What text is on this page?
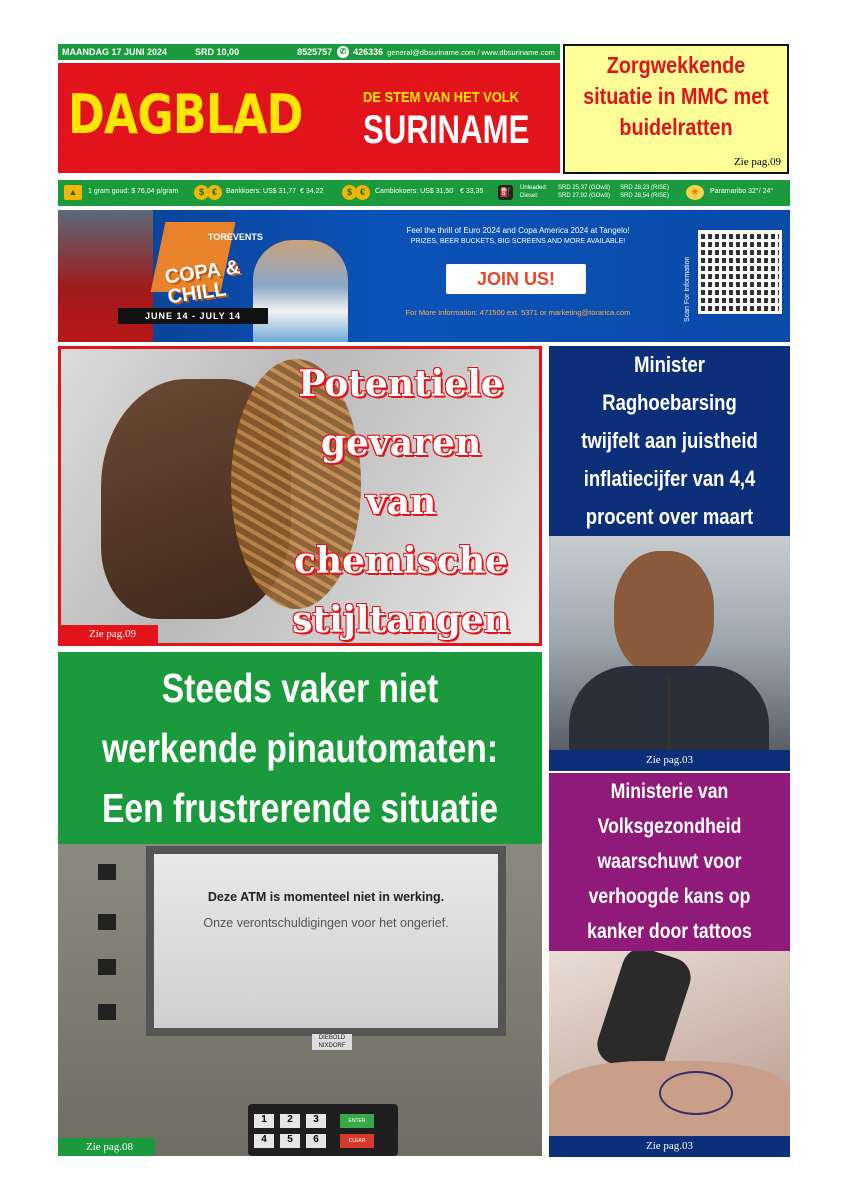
MAANDAG 17 JUNI 2024	SRD 10,00	8525757 ✆ 426336 general@dbsuriname.com / www.dbsuriname.com
DAGBLAD	DE STEM VAN HET VOLK
SURINAME
Zorgwekkende situatie in MMC met buidelratten
Zie pag.09
▲	1 gram goud: $ 76,04 p/gram	$ €	Bankkoers: US$ 31,77 € 34,22	$ €	Cambiokoers: US$ 31,50 € 33,35 ⛽	Unleaded: Diesel:
SRD 25,37 (GOw3) SRD 27,92 (GOw3)
SRD 28,23 (RISE) SRD 28,54 (RISE)	☀	Paramaribo 32°/ 24°
TOREVENTS
COPA & CHILL
JUNE 14 - JULY 14
Feel the thrill of Euro 2024 and Copa America 2024 at Tangelo!
PRIZES, BEER BUCKETS, BIG SCREENS AND MORE AVAILABLE!
JOIN US!
For More Information: 471500 ext. 5371 or marketing@torarica.com	Scan For Information
Potentiele
gevaren
van
chemische
stijltangen
Zie pag.09
Minister
Raghoebarsing
twijfelt aan juistheid
inflatiecijfer van 4,4
procent over maart
Zie pag.03
Ministerie van
Volksgezondheid
waarschuwt voor
verhoogde kans op
kanker door tattoos
Zie pag.03
Steeds vaker niet
werkende pinautomaten:
Een frustrerende situatie
Deze ATM is momenteel niet in werking.
Onze verontschuldigingen voor het ongerief.
DIEBOLD NIXDORF
1	2	3	ENTER
4	5	6	CLEAR
Zie pag.08
